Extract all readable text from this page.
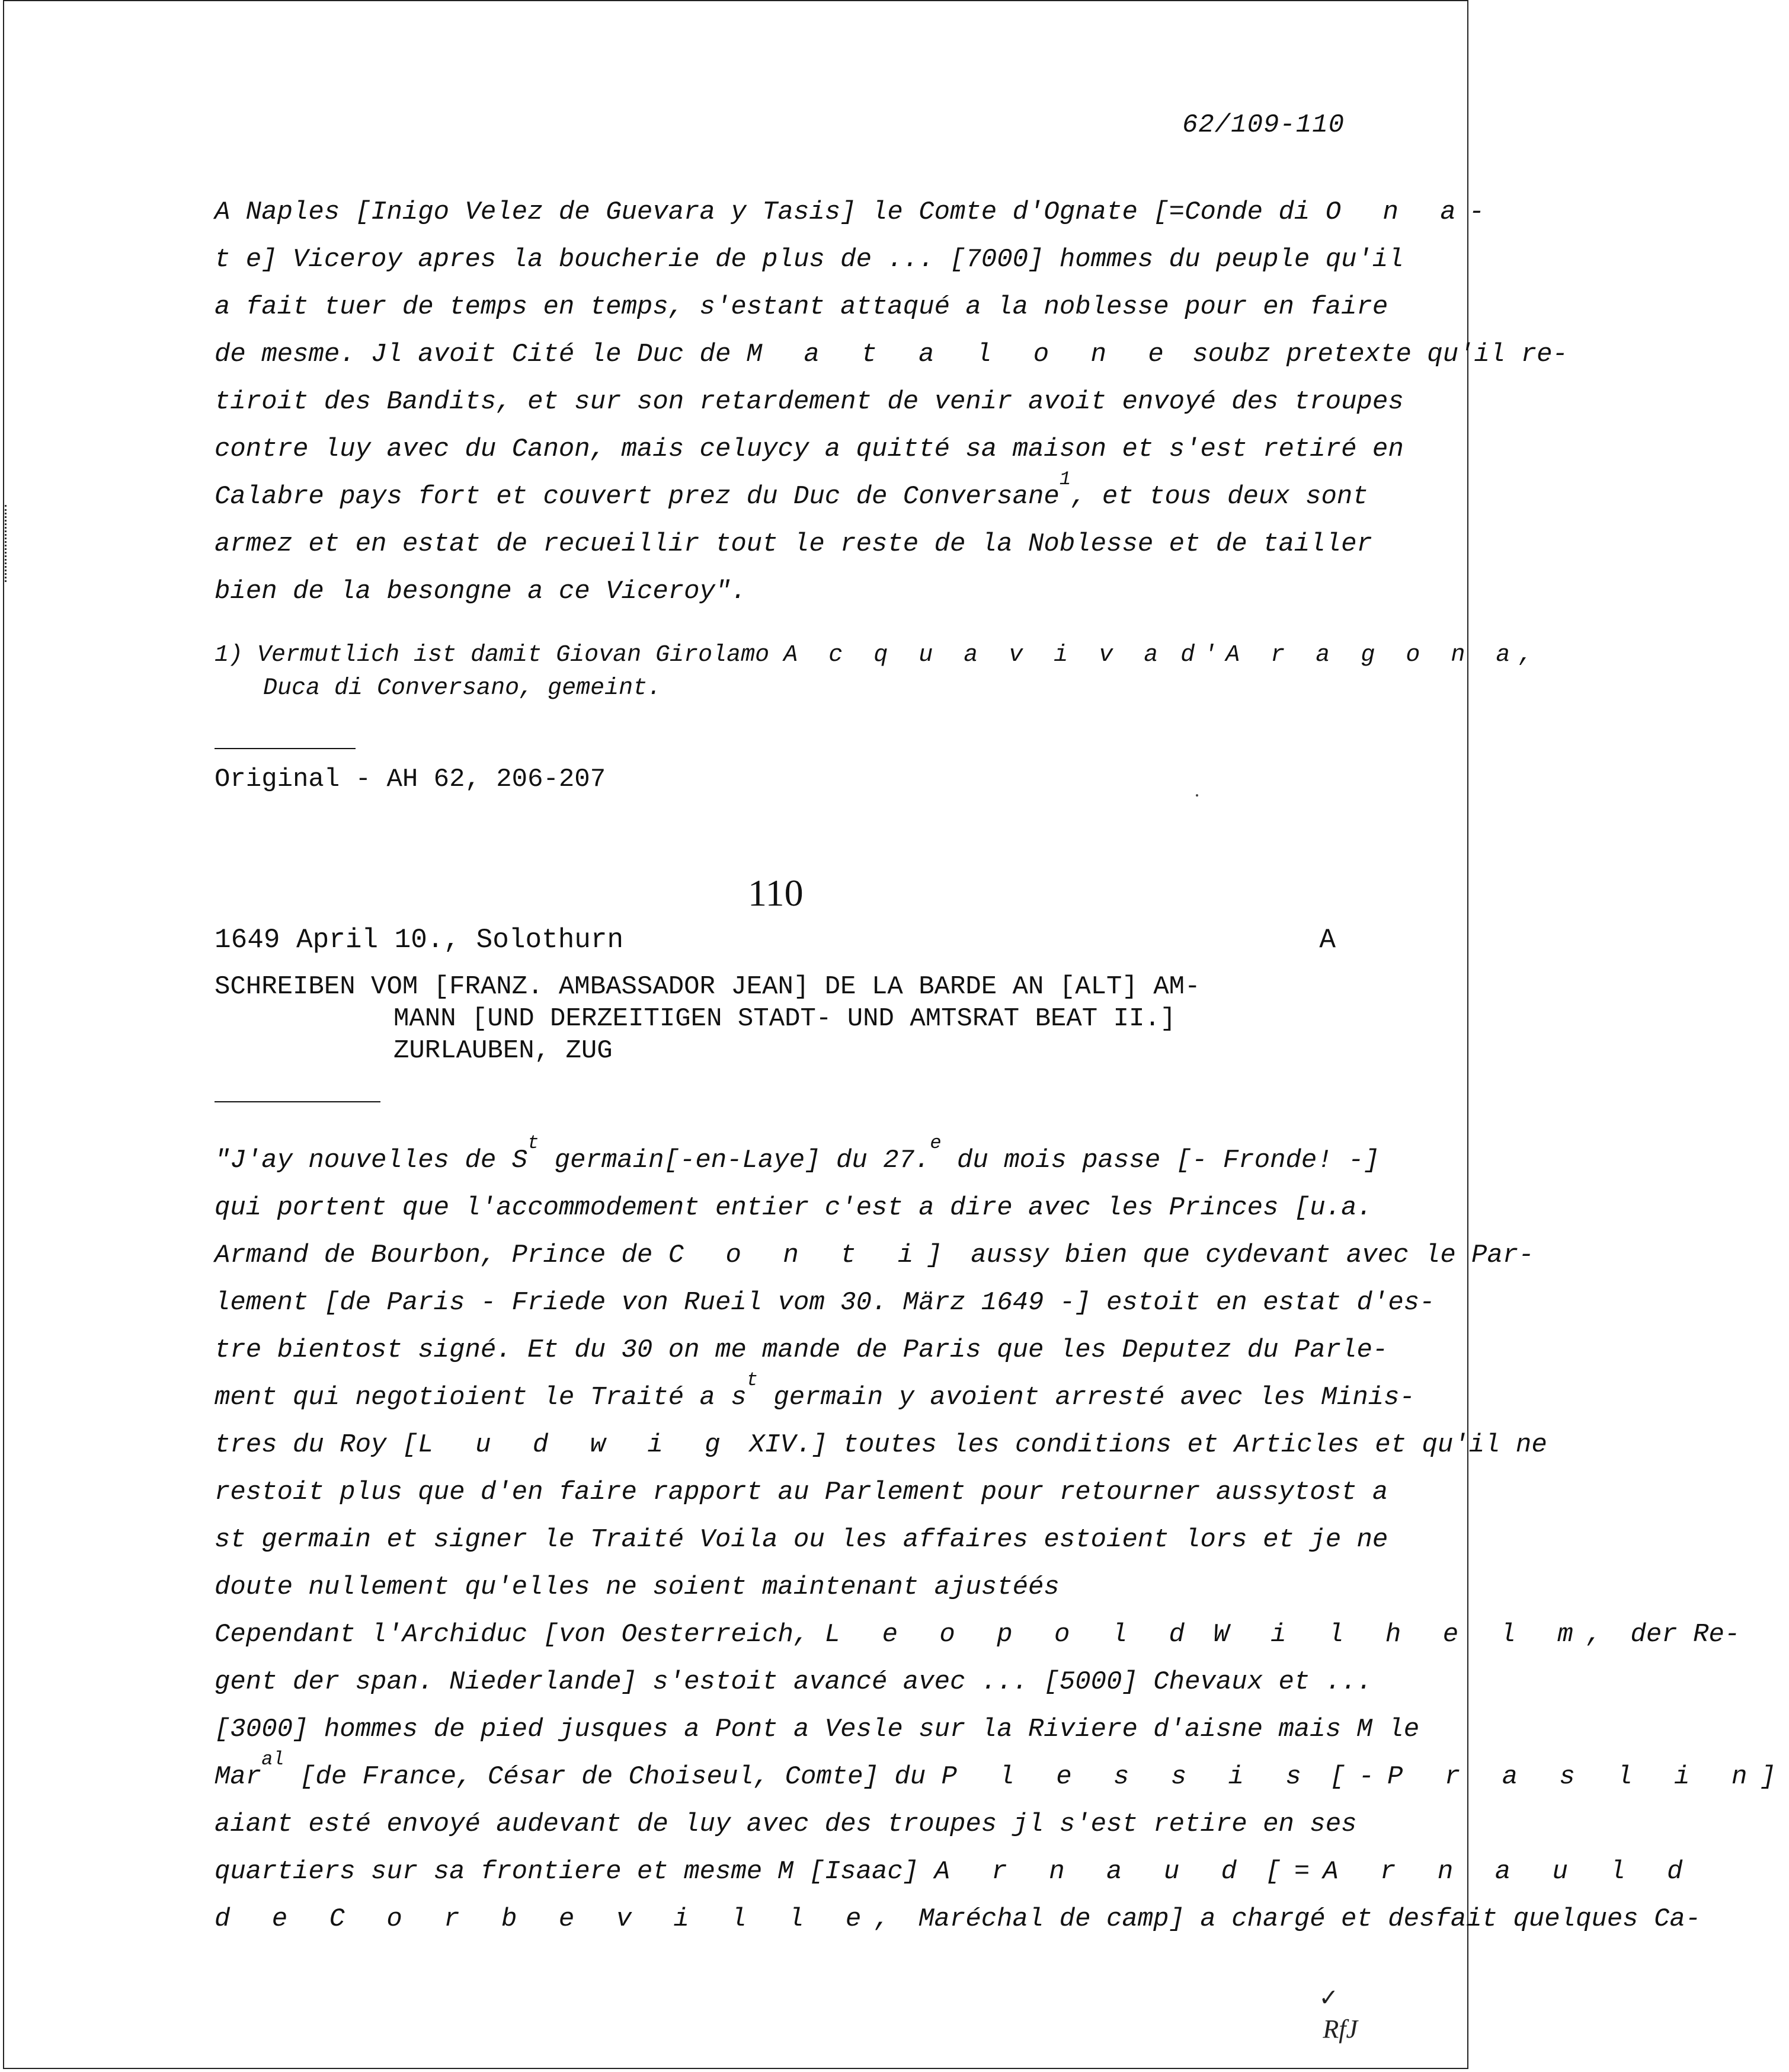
62/109-110
A Naples [Inigo Velez de Guevara y Tasis] le Comte d'Ognate [=Conde di O n a-
t e] Viceroy apres la boucherie de plus de ... [7000] hommes du peuple qu'il
a fait tuer de temps en temps, s'estant attaqué a la noblesse pour en faire
de mesme. Jl avoit Cité le Duc de M a t a l o n e soubz pretexte qu'il re-
tiroit des Bandits, et sur son retardement de venir avoit envoyé des troupes
contre luy avec du Canon, mais celuycy a quitté sa maison et s'est retiré en
Calabre pays fort et couvert prez du Duc de Conversane$^1$, et tous deux sont
armez et en estat de recueillir tout le reste de la Noblesse et de tailler
bien de la besongne a ce Viceroy".
1) Vermutlich ist damit Giovan Girolamo A c q u a v i v a d'A r a g o n a,
Duca di Conversano, gemeint.
Original - AH 62, 206-207
110
1649 April 10., Solothurn	A
SCHREIBEN VOM [FRANZ. AMBASSADOR JEAN] DE LA BARDE AN [ALT] AM-
MANN [UND DERZEITIGEN STADT- UND AMTSRAT BEAT II.]
ZURLAUBEN, ZUG
"J'ay nouvelles de $S^t$ germain[-en-Laye] du 27.$^e$ du mois passe [- Fronde! -]
qui portent que l'accommodement entier c'est a dire avec les Princes [u.a.
Armand de Bourbon, Prince de C o n t i] aussy bien que cydevant avec le Par-
lement [de Paris - Friede von Rueil vom 30. März 1649 -] estoit en estat d'es-
tre bientost signé. Et du 30 on me mande de Paris que les Deputez du Parle-
ment qui negotioient le Traité a $s^t$ germain y avoient arresté avec les Minis-
tres du Roy [L u d w i g XIV.] toutes les conditions et Articles et qu'il ne
restoit plus que d'en faire rapport au Parlement pour retourner aussytost a
st germain et signer le Traité Voila ou les affaires estoient lors et je ne
doute nullement qu'elles ne soient maintenant ajustéés
Cependant l'Archiduc [von Oesterreich, L e o p o l d W i l h e l m, der Re-
gent der span. Niederlande] s'estoit avancé avec ... [5000] Chevaux et ...
[3000] hommes de pied jusques a Pont a Vesle sur la Riviere d'aisne mais M le
Mar$^{al}$ [de France, César de Choiseul, Comte] du P l e s s i s [-P r a s l i n]
aiant esté envoyé audevant de luy avec des troupes jl s'est retire en ses
quartiers sur sa frontiere et mesme M [Isaac] A r n a u d [=A r n a u l d
d e C o r b e v i l l e, Maréchal de camp] a chargé et desfait quelques Ca-
✓
RfJ
